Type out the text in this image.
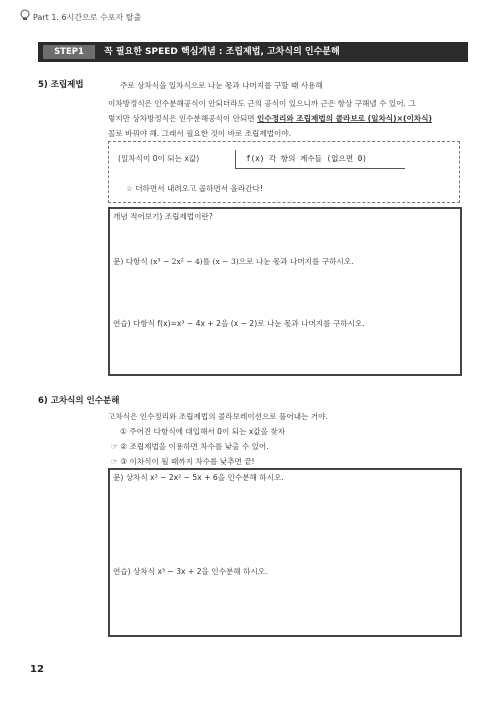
Part 1. 6시간으로 수포자 탈출
STEP1	꼭 필요한 SPEED 핵심개념 : 조립제법, 고차식의 인수분해
5) 조립제법	주로 상차식을 일차식으로 나눈 몫과 나머지를 구할 때 사용해
이차방정식은 인수분해공식이 안되더라도 근의 공식이 있으니까 근은 항상 구해낼 수 있어. 그
렇지만 상차방정식은 인수분해공식이 안되면 인수정리와 조립제법의 콜라보로 (일차식)×(이차식)
꼴로 바꿔야 해. 그래서 필요한 것이 바로 조립제법이야.
(일차식이 0이 되는 x값)	f(x) 각 항의 계수들 (없으면 0)
☆ 더하면서 내려오고 곱하면서 올라간다!
개념 적어보기) 조립제법이란?
문) 다항식 (x³ − 2x² − 4)를 (x − 3)으로 나눈 몫과 나머지를 구하시오.
연습) 다항식 f(x)=x³ − 4x + 2을 (x − 2)로 나눈 몫과 나머지를 구하시오.
6) 고차식의 인수분해
고차식은 인수정리와 조립제법의 콜라보레이션으로 풀어내는 거야.
① 주어진 다항식에 대입해서 0이 되는 x값을 찾자
☞ ② 조립제법을 이용하면 차수를 낮출 수 있어.
☞ ③ 이차식이 될 때까지 차수를 낮추면 끝!
문) 상차식 x³ − 2x² − 5x + 6을 인수분해 하시오.
연습) 상차식 x³ − 3x + 2을 인수분해 하시오.
12
